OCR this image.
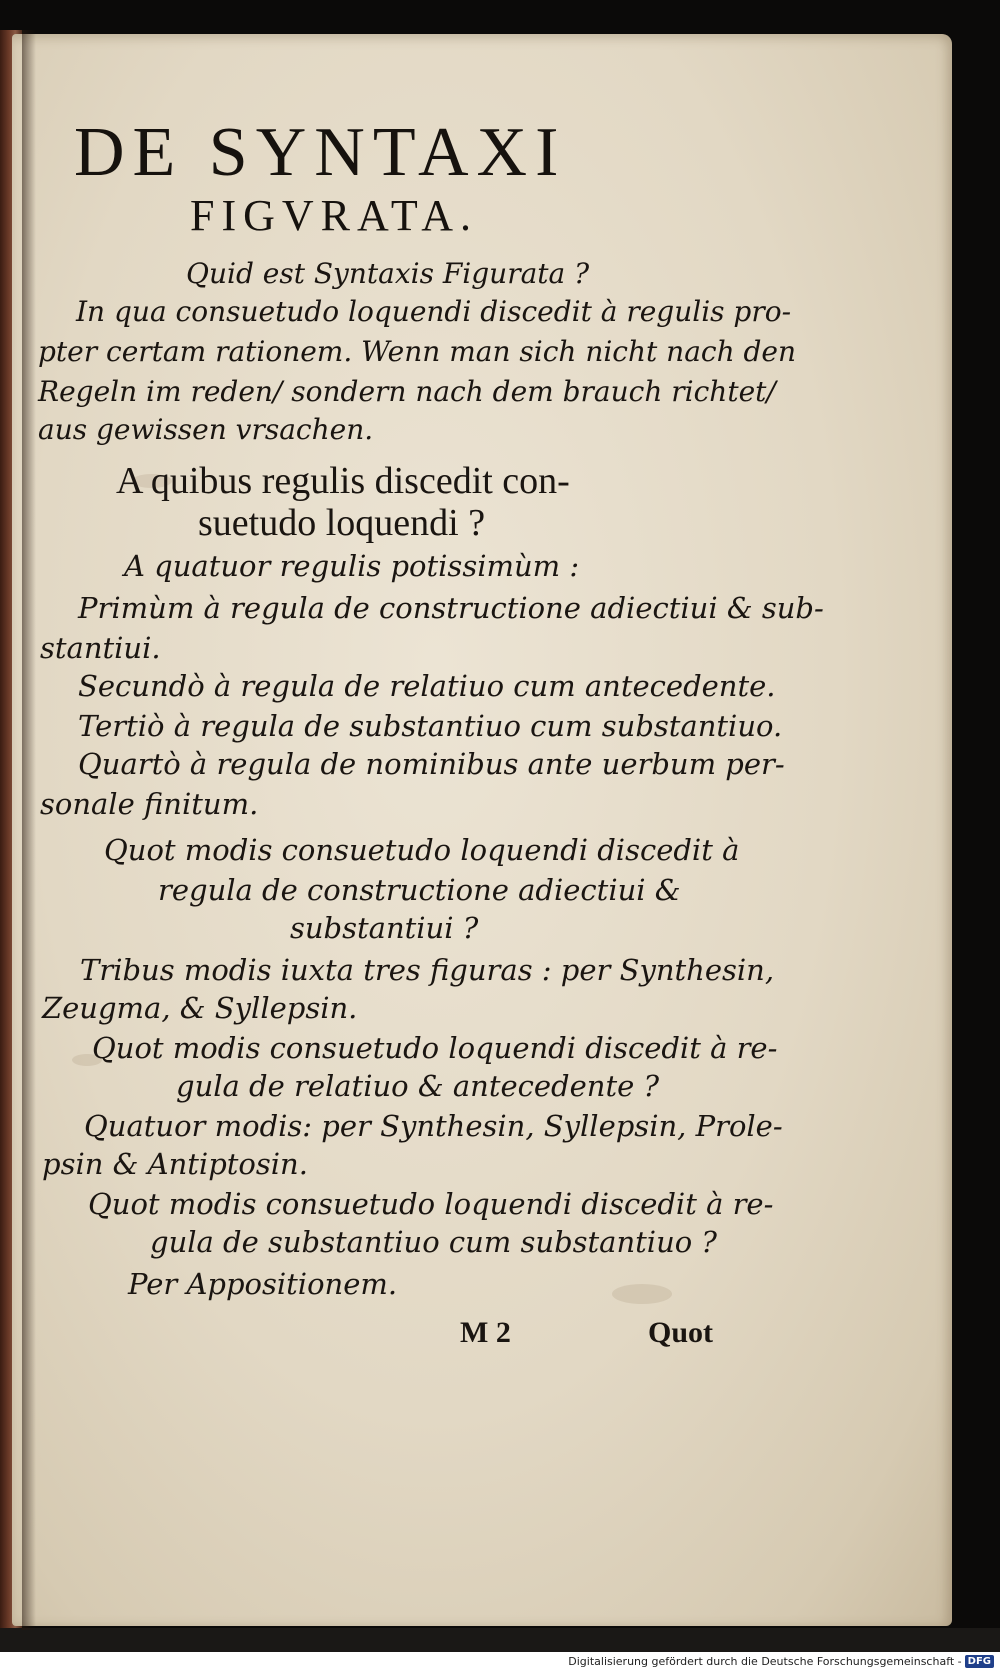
DE SYNTAXI
FIGVRATA.
Quid est Syntaxis Figurata ?
In qua consuetudo loquendi discedit à regulis pro-
pter certam rationem. Wenn man sich nicht nach den
Regeln im reden/ sondern nach dem brauch richtet/
aus gewissen vrsachen.
A quibus regulis discedit con-
suetudo loquendi ?
A quatuor regulis potissimùm :
Primùm à regula de constructione adiectiui & sub-
stantiui.
Secundò à regula de relatiuo cum antecedente.
Tertiò à regula de substantiuo cum substantiuo.
Quartò à regula de nominibus ante uerbum per-
sonale finitum.
Quot modis consuetudo loquendi discedit à
regula de constructione adiectiui &
substantiui ?
Tribus modis iuxta tres figuras : per Synthesin,
Zeugma, & Syllepsin.
Quot modis consuetudo loquendi discedit à re-
gula de relatiuo & antecedente ?
Quatuor modis: per Synthesin, Syllepsin, Prole-
psin & Antiptosin.
Quot modis consuetudo loquendi discedit à re-
gula de substantiuo cum substantiuo ?
Per Appositionem.
M 2	Quot
Digitalisierung gefördert durch die Deutsche Forschungsgemeinschaft - DFG
